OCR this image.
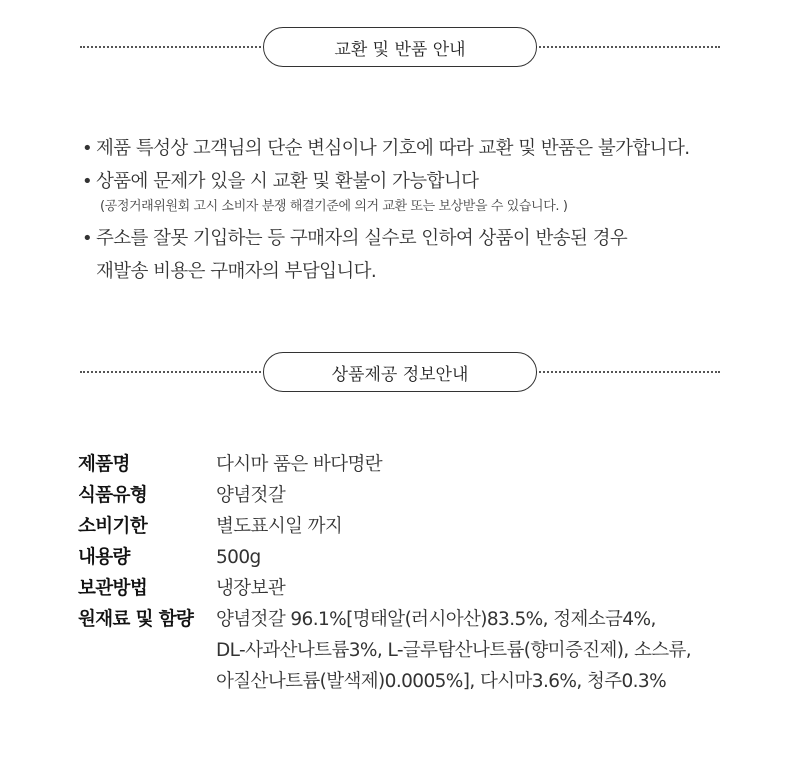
교환 및 반품 안내
• 제품 특성상 고객님의 단순 변심이나 기호에 따라 교환 및 반품은 불가합니다.
• 상품에 문제가 있을 시 교환 및 환불이 가능합니다
(공정거래위원회 고시 소비자 분쟁 해결기준에 의거 교환 또는 보상받을 수 있습니다. )
• 주소를 잘못 기입하는 등 구매자의 실수로 인하여 상품이 반송된 경우
재발송 비용은 구매자의 부담입니다.
상품제공 정보안내
제품명	다시마 품은 바다명란
식품유형	양념젓갈
소비기한	별도표시일 까지
내용량	500g
보관방법	냉장보관
원재료 및 함량	양념젓갈 96.1%[명태알(러시아산)83.5%, 정제소금4%,
DL-사과산나트륨3%, L-글루탐산나트륨(향미증진제), 소스류,
아질산나트륨(발색제)0.0005%], 다시마3.6%, 청주0.3%
